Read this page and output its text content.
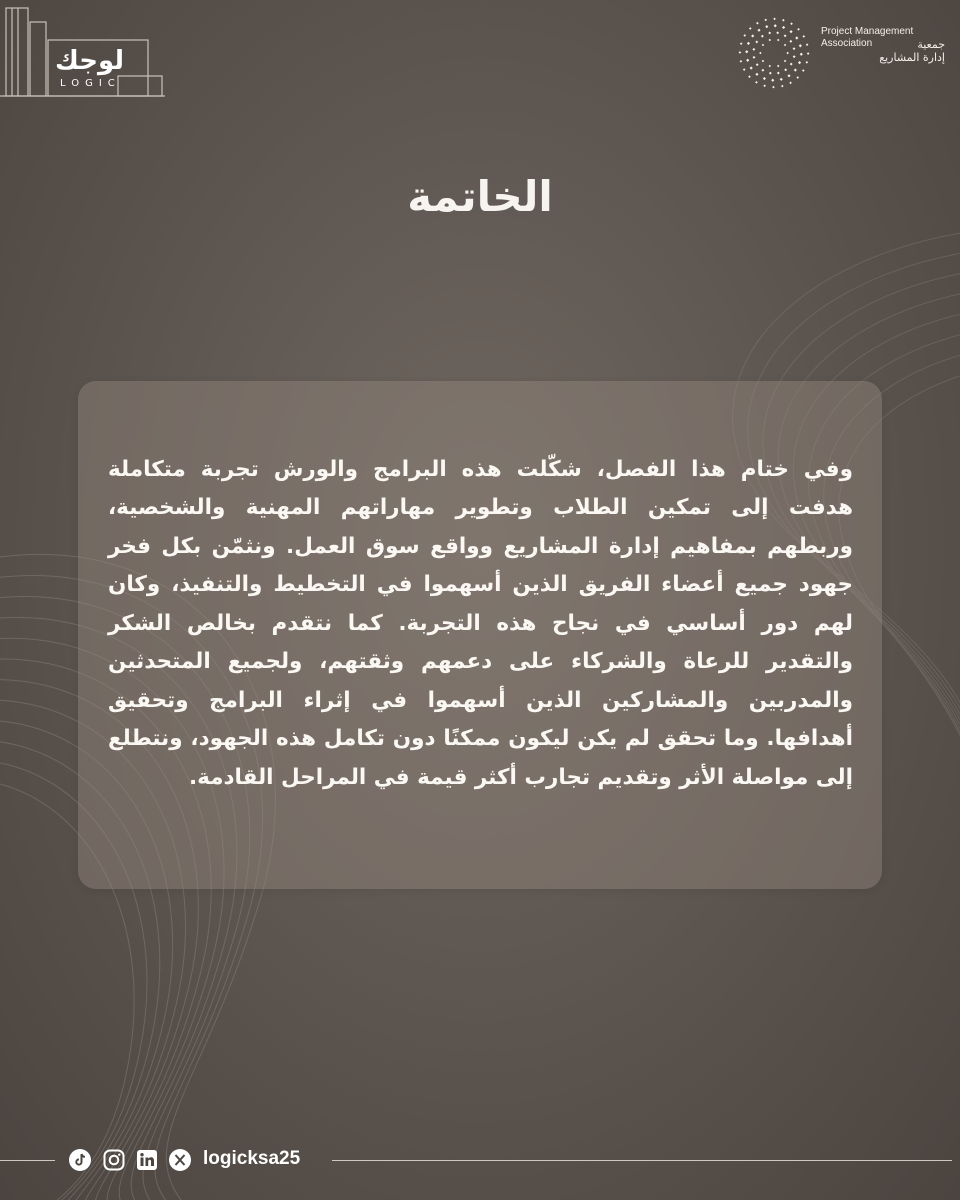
لوجك
LOGIC
Project Management
Association	جمعية
إدارة المشاريع
الخاتمة

وفي ختام هذا الفصل، شكّلت هذه البرامج والورش تجربة متكاملة هدفت إلى تمكين الطلاب وتطوير مهاراتهم المهنية والشخصية، وربطهم بمفاهيم إدارة المشاريع وواقع سوق العمل. ونثمّن بكل فخر جهود جميع أعضاء الفريق الذين أسهموا في التخطيط والتنفيذ، وكان لهم دور أساسي في نجاح هذه التجربة. كما نتقدم بخالص الشكر والتقدير للرعاة والشركاء على دعمهم وثقتهم، ولجميع المتحدثين والمدربين والمشاركين الذين أسهموا في إثراء البرامج وتحقيق أهدافها. وما تحقق لم يكن ليكون ممكنًا دون تكامل هذه الجهود، ونتطلع إلى مواصلة الأثر وتقديم تجارب أكثر قيمة في المراحل القادمة.

logicksa25
